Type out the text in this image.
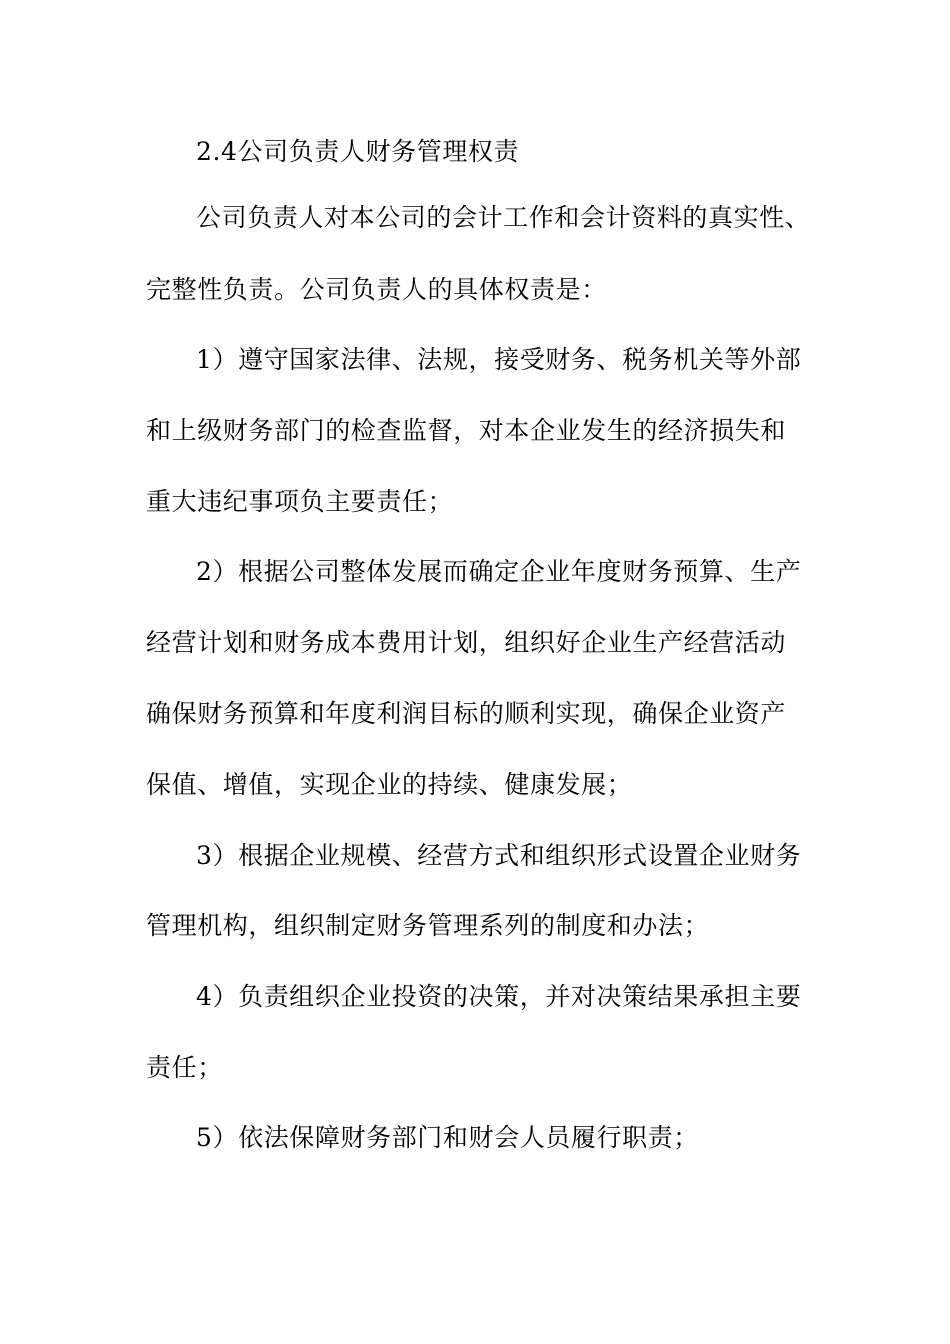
2.4公司负责人财务管理权责
公司负责人对本公司的会计工作和会计资料的真实性、
完整性负责。公司负责人的具体权责是：
1）遵守国家法律、法规，接受财务、税务机关等外部
和上级财务部门的检查监督，对本企业发生的经济损失和
重大违纪事项负主要责任；
2）根据公司整体发展而确定企业年度财务预算、生产
经营计划和财务成本费用计划，组织好企业生产经营活动
确保财务预算和年度利润目标的顺利实现，确保企业资产
保值、增值，实现企业的持续、健康发展；
3）根据企业规模、经营方式和组织形式设置企业财务
管理机构，组织制定财务管理系列的制度和办法；
4）负责组织企业投资的决策，并对决策结果承担主要
责任；
5）依法保障财务部门和财会人员履行职责；
